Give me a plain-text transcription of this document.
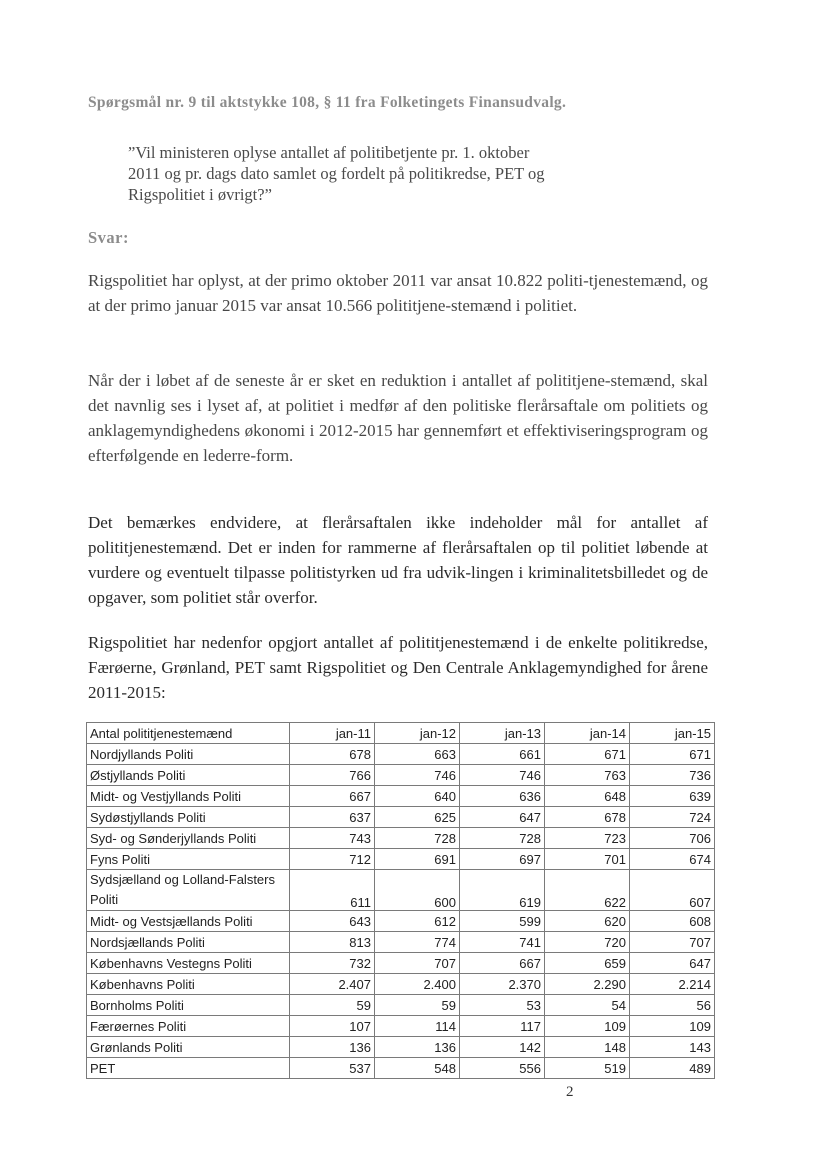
Spørgsmål nr. 9 til aktstykke 108, § 11 fra Folketingets Finansudvalg.
”Vil ministeren oplyse antallet af politibetjente pr. 1. oktober 2011 og pr. dags dato samlet og fordelt på politikredse, PET og Rigspolitiet i øvrigt?”
Svar:
Rigspolitiet har oplyst, at der primo oktober 2011 var ansat 10.822 politi-tjenestemænd, og at der primo januar 2015 var ansat 10.566 polititjene-stemænd i politiet.
Når der i løbet af de seneste år er sket en reduktion i antallet af polititjene-stemænd, skal det navnlig ses i lyset af, at politiet i medfør af den politiske flerårsaftale om politiets og anklagemyndighedens økonomi i 2012-2015 har gennemført et effektiviseringsprogram og efterfølgende en lederre-form.
Det bemærkes endvidere, at flerårsaftalen ikke indeholder mål for antallet af polititjenestemænd. Det er inden for rammerne af flerårsaftalen op til politiet løbende at vurdere og eventuelt tilpasse politistyrken ud fra udvik-lingen i kriminalitetsbilledet og de opgaver, som politiet står overfor.
Rigspolitiet har nedenfor opgjort antallet af polititjenestemænd i de enkelte politikredse, Færøerne, Grønland, PET samt Rigspolitiet og Den Centrale Anklagemyndighed for årene 2011-2015:
Antal polititjenestemænd	jan-11	jan-12	jan-13	jan-14	jan-15
Nordjyllands Politi	678	663	661	671	671
Østjyllands Politi	766	746	746	763	736
Midt- og Vestjyllands Politi	667	640	636	648	639
Sydøstjyllands Politi	637	625	647	678	724
Syd- og Sønderjyllands Politi	743	728	728	723	706
Fyns Politi	712	691	697	701	674
Sydsjælland og Lolland-Falsters Politi	611	600	619	622	607
Midt- og Vestsjællands Politi	643	612	599	620	608
Nordsjællands Politi	813	774	741	720	707
Københavns Vestegns Politi	732	707	667	659	647
Københavns Politi	2.407	2.400	2.370	2.290	2.214
Bornholms Politi	59	59	53	54	56
Færøernes Politi	107	114	117	109	109
Grønlands Politi	136	136	142	148	143
PET	537	548	556	519	489
2
